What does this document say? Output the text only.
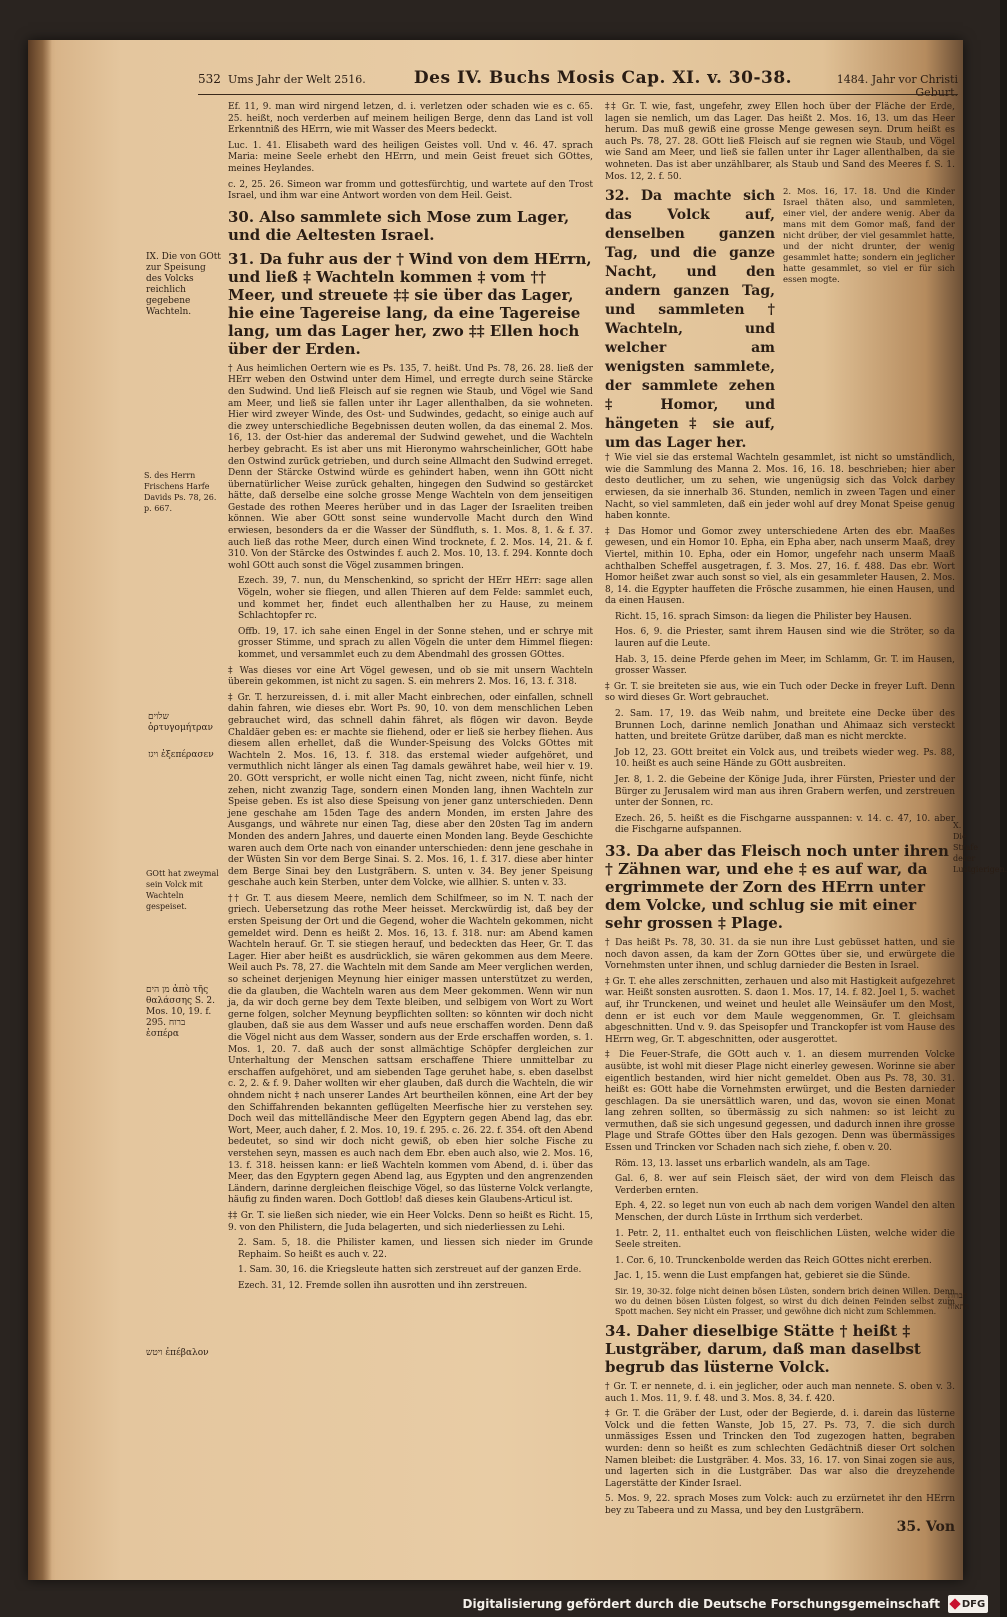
532 Ums Jahr der Welt 2516.	Des IV. Buchs Mosis Cap. XI. v. 30-38.	1484. Jahr vor Christi Geburt.
IX. Die von GOtt zur Speisung des Volcks reichlich gegebene Wachteln.
S. des Herrn Frischens Harfe Davids Ps. 78, 26. p. 667.
שלוים ὀρτυγομήτραν
ויגז ἐξεπέρασεν
GOtt hat zweymal sein Volck mit Wachteln gespeiset.
מן הים ἀπὸ τῆς θαλάσσης S. 2. Mos. 10, 19. f. 295. ברוח ἑσπέρα
ויטש ἐπέβαλον

Ef. 11, 9. man wird nirgend letzen, d. i. verletzen oder schaden wie es c. 65. 25. heißt, noch verderben auf meinem heiligen Berge, denn das Land ist voll Erkenntniß des HErrn, wie mit Wasser des Meers bedeckt.

Luc. 1. 41. Elisabeth ward des heiligen Geistes voll. Und v. 46. 47. sprach Maria: meine Seele erhebt den HErrn, und mein Geist freuet sich GOttes, meines Heylandes.

c. 2, 25. 26. Simeon war fromm und gottesfürchtig, und wartete auf den Trost Israel, und ihm war eine Antwort worden von dem Heil. Geist.

30. Also sammlete sich Mose zum Lager, und die Aeltesten Israel.
31. Da fuhr aus der † Wind von dem HErrn, und ließ ‡ Wachteln kommen ‡ vom †† Meer, und streuete ‡‡ sie über das Lager, hie eine Tagereise lang, da eine Tagereise lang, um das Lager her, zwo ‡‡ Ellen hoch über der Erden.

† Aus heimlichen Oertern wie es Ps. 135, 7. heißt. Und Ps. 78, 26. 28. ließ der HErr weben den Ostwind unter dem Himel, und erregte durch seine Stärcke den Sudwind. Und ließ Fleisch auf sie regnen wie Staub, und Vögel wie Sand am Meer, und ließ sie fallen unter ihr Lager allenthalben, da sie wohneten. Hier wird zweyer Winde, des Ost- und Sudwindes, gedacht, so einige auch auf die zwey unterschiedliche Begebnissen deuten wollen, da das einemal 2. Mos. 16, 13. der Ost-hier das anderemal der Sudwind gewehet, und die Wachteln herbey gebracht. Es ist aber uns mit Hieronymo wahrscheinlicher, GOtt habe den Ostwind zurück getrieben, und durch seine Allmacht den Sudwind erreget. Denn der Stärcke Ostwind würde es gehindert haben, wenn ihn GOtt nicht übernatürlicher Weise zurück gehalten, hingegen den Sudwind so gestärcket hätte, daß derselbe eine solche grosse Menge Wachteln von dem jenseitigen Gestade des rothen Meeres herüber und in das Lager der Israeliten treiben können. Wie aber GOtt sonst seine wundervolle Macht durch den Wind erwiesen, besonders da er die Wasser der Sündfluth, s. 1. Mos. 8, 1. & f. 37. auch ließ das rothe Meer, durch einen Wind trocknete, f. 2. Mos. 14, 21. & f. 310. Von der Stärcke des Ostwindes f. auch 2. Mos. 10, 13. f. 294. Konnte doch wohl GOtt auch sonst die Vögel zusammen bringen.

Ezech. 39, 7. nun, du Menschenkind, so spricht der HErr HErr: sage allen Vögeln, woher sie fliegen, und allen Thieren auf dem Felde: sammlet euch, und kommet her, findet euch allenthalben her zu Hause, zu meinem Schlachtopfer rc.

Offb. 19, 17. ich sahe einen Engel in der Sonne stehen, und er schrye mit grosser Stimme, und sprach zu allen Vögeln die unter dem Himmel fliegen: kommet, und versammlet euch zu dem Abendmahl des grossen GOttes.

‡ Was dieses vor eine Art Vögel gewesen, und ob sie mit unsern Wachteln überein gekommen, ist nicht zu sagen. S. ein mehrers 2. Mos. 16, 13. f. 318.

‡ Gr. T. herzureissen, d. i. mit aller Macht einbrechen, oder einfallen, schnell dahin fahren, wie dieses ebr. Wort Ps. 90, 10. von dem menschlichen Leben gebrauchet wird, das schnell dahin fähret, als flögen wir davon. Beyde Chaldäer geben es: er machte sie fliehend, oder er ließ sie herbey fliehen. Aus diesem allen erhellet, daß die Wunder-Speisung des Volcks GOttes mit Wachteln 2. Mos. 16, 13. f. 318. das erstemal wieder aufgehöret, und vermuthlich nicht länger als einen Tag damals gewähret habe, weil hier v. 19. 20. GOtt verspricht, er wolle nicht einen Tag, nicht zween, nicht fünfe, nicht zehen, nicht zwanzig Tage, sondern einen Monden lang, ihnen Wachteln zur Speise geben. Es ist also diese Speisung von jener ganz unterschieden. Denn jene geschahe am 15den Tage des andern Monden, im ersten Jahre des Ausgangs, und währete nur einen Tag, diese aber den 20sten Tag im andern Monden des andern Jahres, und dauerte einen Monden lang. Beyde Geschichte waren auch dem Orte nach von einander unterschieden: denn jene geschahe in der Wüsten Sin vor dem Berge Sinai. S. 2. Mos. 16, 1. f. 317. diese aber hinter dem Berge Sinai bey den Lustgräbern. S. unten v. 34. Bey jener Speisung geschahe auch kein Sterben, unter dem Volcke, wie allhier. S. unten v. 33.

†† Gr. T. aus diesem Meere, nemlich dem Schilfmeer, so im N. T. nach der griech. Uebersetzung das rothe Meer heisset. Merckwürdig ist, daß bey der ersten Speisung der Ort und die Gegend, woher die Wachteln gekommen, nicht gemeldet wird. Denn es heißt 2. Mos. 16, 13. f. 318. nur: am Abend kamen Wachteln herauf. Gr. T. sie stiegen herauf, und bedeckten das Heer, Gr. T. das Lager. Hier aber heißt es ausdrücklich, sie wären gekommen aus dem Meere. Weil auch Ps. 78, 27. die Wachteln mit dem Sande am Meer verglichen werden, so scheinet derjenigen Meynung hier einiger massen unterstützet zu werden, die da glauben, die Wachteln waren aus dem Meer gekommen. Wenn wir nun ja, da wir doch gerne bey dem Texte bleiben, und selbigem von Wort zu Wort gerne folgen, solcher Meynung beypflichten sollten: so könnten wir doch nicht glauben, daß sie aus dem Wasser und aufs neue erschaffen worden. Denn daß die Vögel nicht aus dem Wasser, sondern aus der Erde erschaffen worden, s. 1. Mos. 1, 20. 7. daß auch der sonst allmächtige Schöpfer dergleichen zur Unterhaltung der Menschen sattsam erschaffene Thiere unmittelbar zu erschaffen aufgehöret, und am siebenden Tage geruhet habe, s. eben daselbst c. 2, 2. & f. 9. Daher wollten wir eher glauben, daß durch die Wachteln, die wir ohndem nicht ‡ nach unserer Landes Art beurtheilen können, eine Art der bey den Schiffahrenden bekannten geflügelten Meerfische hier zu verstehen sey. Doch weil das mittelländische Meer den Egyptern gegen Abend lag, das ebr. Wort, Meer, auch daher, f. 2. Mos. 10, 19. f. 295. c. 26. 22. f. 354. oft den Abend bedeutet, so sind wir doch nicht gewiß, ob eben hier solche Fische zu verstehen seyn, massen es auch nach dem Ebr. eben auch also, wie 2. Mos. 16, 13. f. 318. heissen kann: er ließ Wachteln kommen vom Abend, d. i. über das Meer, das den Egyptern gegen Abend lag, aus Egypten und den angrenzenden Ländern, darinne dergleichen fleischige Vögel, so das lüsterne Volck verlangte, häufig zu finden waren. Doch Gottlob! daß dieses kein Glaubens-Articul ist.

‡‡ Gr. T. sie ließen sich nieder, wie ein Heer Volcks. Denn so heißt es Richt. 15, 9. von den Philistern, die Juda belagerten, und sich niederliessen zu Lehi.

2. Sam. 5, 18. die Philister kamen, und liessen sich nieder im Grunde Rephaim. So heißt es auch v. 22.

1. Sam. 30, 16. die Kriegsleute hatten sich zerstreuet auf der ganzen Erde.

Ezech. 31, 12. Fremde sollen ihn ausrotten und ihn zerstreuen.

‡‡ Gr. T. wie, fast, ungefehr, zwey Ellen hoch über der Fläche der Erde, lagen sie nemlich, um das Lager. Das heißt 2. Mos. 16, 13. um das Heer herum. Das muß gewiß eine grosse Menge gewesen seyn. Drum heißt es auch Ps. 78, 27. 28. GOtt ließ Fleisch auf sie regnen wie Staub, und Vögel wie Sand am Meer, und ließ sie fallen unter ihr Lager allenthalben, da sie wohneten. Das ist aber unzählbarer, als Staub und Sand des Meeres f. S. 1. Mos. 12, 2. f. 50.

32. Da machte sich das Volck auf, denselben ganzen Tag, und die ganze Nacht, und den andern ganzen Tag, und sammleten † Wachteln, und welcher am wenigsten sammlete, der sammlete zehen ‡ Homor, und hängeten ‡ sie auf, um das Lager her.
2. Mos. 16, 17. 18. Und die Kinder Israel thäten also, und sammleten, einer viel, der andere wenig. Aber da mans mit dem Gomor maß, fand der nicht drüber, der viel gesammlet hatte, und der nicht drunter, der wenig gesammlet hatte; sondern ein jeglicher hatte gesammlet, so viel er für sich essen mogte.

† Wie viel sie das erstemal Wachteln gesammlet, ist nicht so umständlich, wie die Sammlung des Manna 2. Mos. 16, 16. 18. beschrieben; hier aber desto deutlicher, um zu sehen, wie ungenügsig sich das Volck darbey erwiesen, da sie innerhalb 36. Stunden, nemlich in zween Tagen und einer Nacht, so viel sammleten, daß ein jeder wohl auf drey Monat Speise genug haben konnte.

‡ Das Homor und Gomor zwey unterschiedene Arten des ebr. Maaßes gewesen, und ein Homor 10. Epha, ein Epha aber, nach unserm Maaß, drey Viertel, mithin 10. Epha, oder ein Homor, ungefehr nach unserm Maaß achthalben Scheffel ausgetragen, f. 3. Mos. 27, 16. f. 488. Das ebr. Wort Homor heißet zwar auch sonst so viel, als ein gesammleter Hausen, 2. Mos. 8, 14. die Egypter hauffeten die Frösche zusammen, hie einen Hausen, und da einen Hausen.

Richt. 15, 16. sprach Simson: da liegen die Philister bey Hausen.

Hos. 6, 9. die Priester, samt ihrem Hausen sind wie die Ströter, so da lauren auf die Leute.

Hab. 3, 15. deine Pferde gehen im Meer, im Schlamm, Gr. T. im Hausen, grosser Wasser.

‡ Gr. T. sie breiteten sie aus, wie ein Tuch oder Decke in freyer Luft. Denn so wird dieses Gr. Wort gebrauchet.

2. Sam. 17, 19. das Weib nahm, und breitete eine Decke über des Brunnen Loch, darinne nemlich Jonathan und Ahimaaz sich versteckt hatten, und breitete Grütze darüber, daß man es nicht merckte.

Job 12, 23. GOtt breitet ein Volck aus, und treibets wieder weg. Ps. 88, 10. heißt es auch seine Hände zu GOtt ausbreiten.

Jer. 8, 1. 2. die Gebeine der Könige Juda, ihrer Fürsten, Priester und der Bürger zu Jerusalem wird man aus ihren Grabern werfen, und zerstreuen unter der Sonnen, rc.

Ezech. 26, 5. heißt es die Fischgarne ausspannen: v. 14. c. 47, 10. aber die Fischgarne aufspannen.

33. Da aber das Fleisch noch unter ihren † Zähnen war, und ehe ‡ es auf war, da ergrimmete der Zorn des HErrn unter dem Volcke, und schlug sie mit einer sehr grossen ‡ Plage.

† Das heißt Ps. 78, 30. 31. da sie nun ihre Lust gebüsset hatten, und sie noch davon assen, da kam der Zorn GOttes über sie, und erwürgete die Vornehmsten unter ihnen, und schlug darnieder die Besten in Israel.

‡ Gr. T. ehe alles zerschnitten, zerhauen und also mit Hastigkeit aufgezehret war. Heißt sonsten ausrotten. S. daon 1. Mos. 17, 14. f. 82. Joel 1, 5. wachet auf, ihr Trunckenen, und weinet und heulet alle Weinsäufer um den Most, denn er ist euch vor dem Maule weggenommen, Gr. T. gleichsam abgeschnitten. Und v. 9. das Speisopfer und Tranckopfer ist vom Hause des HErrn weg, Gr. T. abgeschnitten, oder ausgerottet.

‡ Die Feuer-Strafe, die GOtt auch v. 1. an diesem murrenden Volcke ausübte, ist wohl mit dieser Plage nicht einerley gewesen. Worinne sie aber eigentlich bestanden, wird hier nicht gemeldet. Oben aus Ps. 78, 30. 31. heißt es: GOtt habe die Vornehmsten erwürget, und die Besten darnieder geschlagen. Da sie unersättlich waren, und das, wovon sie einen Monat lang zehren sollten, so übermässig zu sich nahmen: so ist leicht zu vermuthen, daß sie sich ungesund gegessen, und dadurch innen ihre grosse Plage und Strafe GOttes über den Hals gezogen. Denn was übermässiges Essen und Trincken vor Schaden nach sich ziehe, f. oben v. 20.

Röm. 13, 13. lasset uns erbarlich wandeln, als am Tage.

Gal. 6, 8. wer auf sein Fleisch säet, der wird von dem Fleisch das Verderben ernten.

Eph. 4, 22. so leget nun von euch ab nach dem vorigen Wandel den alten Menschen, der durch Lüste in Irrthum sich verderbet.

1. Petr. 2, 11. enthaltet euch von fleischlichen Lüsten, welche wider die Seele streiten.

1. Cor. 6, 10. Trunckenbolde werden das Reich GOttes nicht ererben.

Jac. 1, 15. wenn die Lust empfangen hat, gebieret sie die Sünde.

Sir. 19, 30-32. folge nicht deinen bösen Lüsten, sondern brich deinen Willen. Denn wo du deinen bösen Lüsten folgest, so wirst du dich deinen Feinden selbst zum Spott machen. Sey nicht ein Prasser, und gewöhne dich nicht zum Schlemmen.

34. Daher dieselbige Stätte † heißt ‡ Lustgräber, darum, daß man daselbst begrub das lüsterne Volck.

† Gr. T. er nennete, d. i. ein jeglicher, oder auch man nennete. S. oben v. 3. auch 1. Mos. 11, 9. f. 48. und 3. Mos. 8, 34. f. 420.

‡ Gr. T. die Gräber der Lust, oder der Begierde, d. i. darein das lüsterne Volck und die fetten Wanste, Job 15, 27. Ps. 73, 7. die sich durch unmässiges Essen und Trincken den Tod zugezogen hatten, begraben wurden: denn so heißt es zum schlechten Gedächtniß dieser Ort solchen Namen bleibet: die Lustgräber. 4. Mos. 33, 16. 17. von Sinai zogen sie aus, und lagerten sich in die Lustgräber. Das war also die dreyzehende Lagerstätte der Kinder Israel.

5. Mos. 9, 22. sprach Moses zum Volck: auch zu erzürnetet ihr den HErrn bey zu Tabeera und zu Massa, und bey den Lustgräbern.

35. Von
X. Die Strafe derer Lustgierigen.
קברות התאוה
Digitalisierung gefördert durch die Deutsche Forschungsgemeinschaft DFG
